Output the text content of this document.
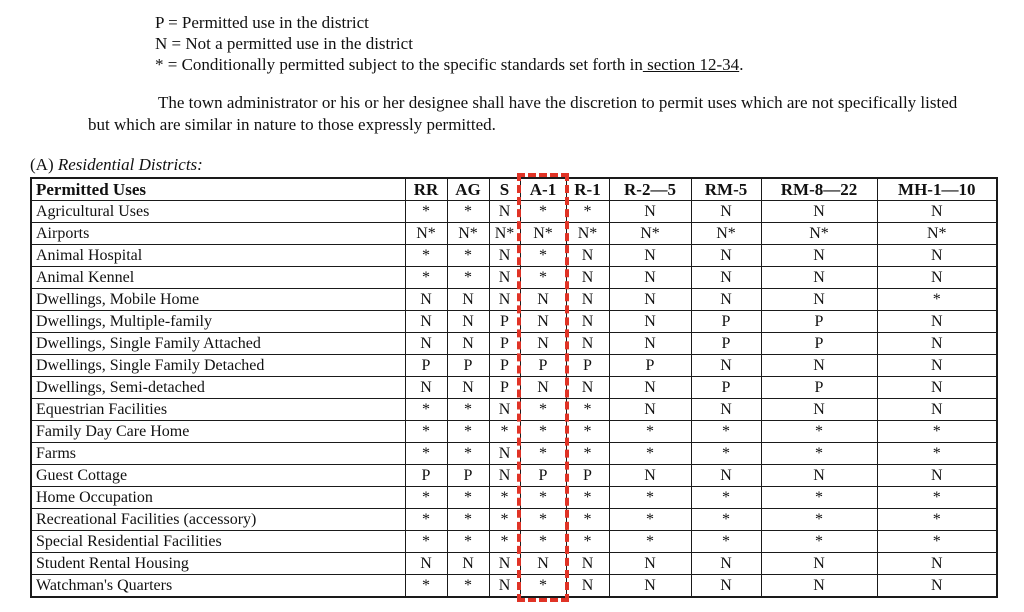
P = Permitted use in the district
N = Not a permitted use in the district
* = Conditionally permitted subject to the specific standards set forth in section 12-34.

The town administrator or his or her designee shall have the discretion to permit uses which are not specifically listed but which are similar in nature to those expressly permitted.

(A) Residential Districts:
Permitted Uses	RR	AG	S	A-1	R-1	R-2—5	RM-5	RM-8—22	MH-1—10
Agricultural Uses	*	*	N	*	*	N	N	N	N
Airports	N*	N*	N*	N*	N*	N*	N*	N*	N*
Animal Hospital	*	*	N	*	N	N	N	N	N
Animal Kennel	*	*	N	*	N	N	N	N	N
Dwellings, Mobile Home	N	N	N	N	N	N	N	N	*
Dwellings, Multiple-family	N	N	P	N	N	N	P	P	N
Dwellings, Single Family Attached	N	N	P	N	N	N	P	P	N
Dwellings, Single Family Detached	P	P	P	P	P	P	N	N	N
Dwellings, Semi-detached	N	N	P	N	N	N	P	P	N
Equestrian Facilities	*	*	N	*	*	N	N	N	N
Family Day Care Home	*	*	*	*	*	*	*	*	*
Farms	*	*	N	*	*	*	*	*	*
Guest Cottage	P	P	N	P	P	N	N	N	N
Home Occupation	*	*	*	*	*	*	*	*	*
Recreational Facilities (accessory)	*	*	*	*	*	*	*	*	*
Special Residential Facilities	*	*	*	*	*	*	*	*	*
Student Rental Housing	N	N	N	N	N	N	N	N	N
Watchman's Quarters	*	*	N	*	N	N	N	N	N
